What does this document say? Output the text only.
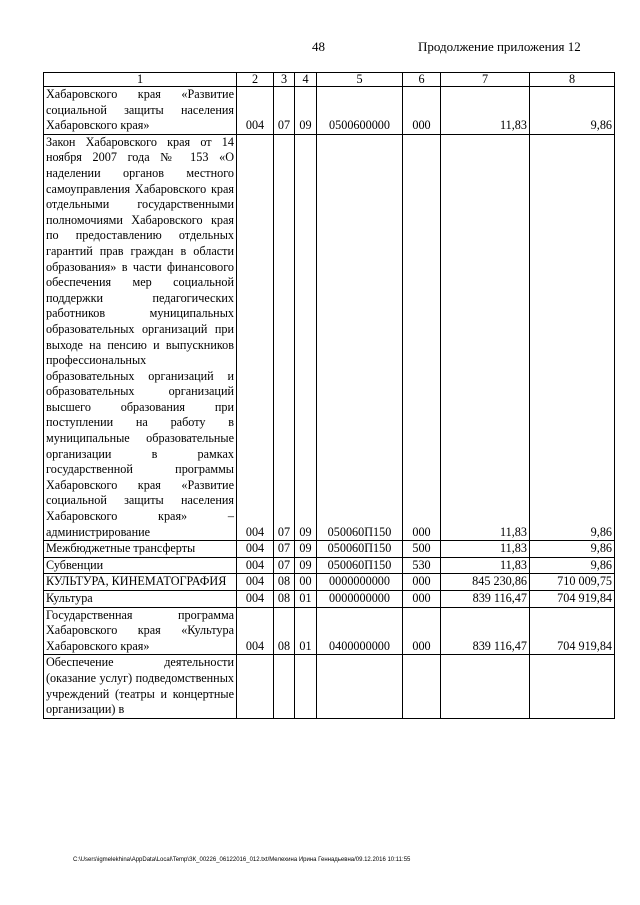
48	Продолжение приложения 12
1	2	3	4	5	6	7	8
Хабаровского края «Развитие социальной защиты населения Хабаровского края»	004	07	09	0500600000	000	11,83	9,86
Закон Хабаровского края от 14 ноября 2007 года № 153 «О наделении органов местного самоуправления Хабаровского края отдельными государственными полномочиями Хабаровского края по предоставлению отдельных гарантий прав граждан в области образования» в части финансового обеспечения мер социальной поддержки педагогических работников муниципальных образовательных организаций при выходе на пенсию и выпускников профессиональных образовательных организаций и образовательных организаций высшего образования при поступлении на работу в муниципальные образовательные организации в рамках государственной программы Хабаровского края «Развитие социальной защиты населения Хабаровского края» – администрирование	004	07	09	050060П150	000	11,83	9,86
Межбюджетные трансферты	004	07	09	050060П150	500	11,83	9,86
Субвенции	004	07	09	050060П150	530	11,83	9,86
КУЛЬТУРА, КИНЕМАТОГРАФИЯ	004	08	00	0000000000	000	845 230,86	710 009,75
Культура	004	08	01	0000000000	000	839 116,47	704 919,84
Государственная программа Хабаровского края «Культура Хабаровского края»	004	08	01	0400000000	000	839 116,47	704 919,84
Обеспечение деятельности (оказание услуг) подведомственных учреждений (театры и концертные организации) в							
C:\Users\igmelekhina\AppData\Local\Temp\ЗК_00226_06122016_012.txt/Мелехина Ирина Геннадьевна/09.12.2016 10:11:55
